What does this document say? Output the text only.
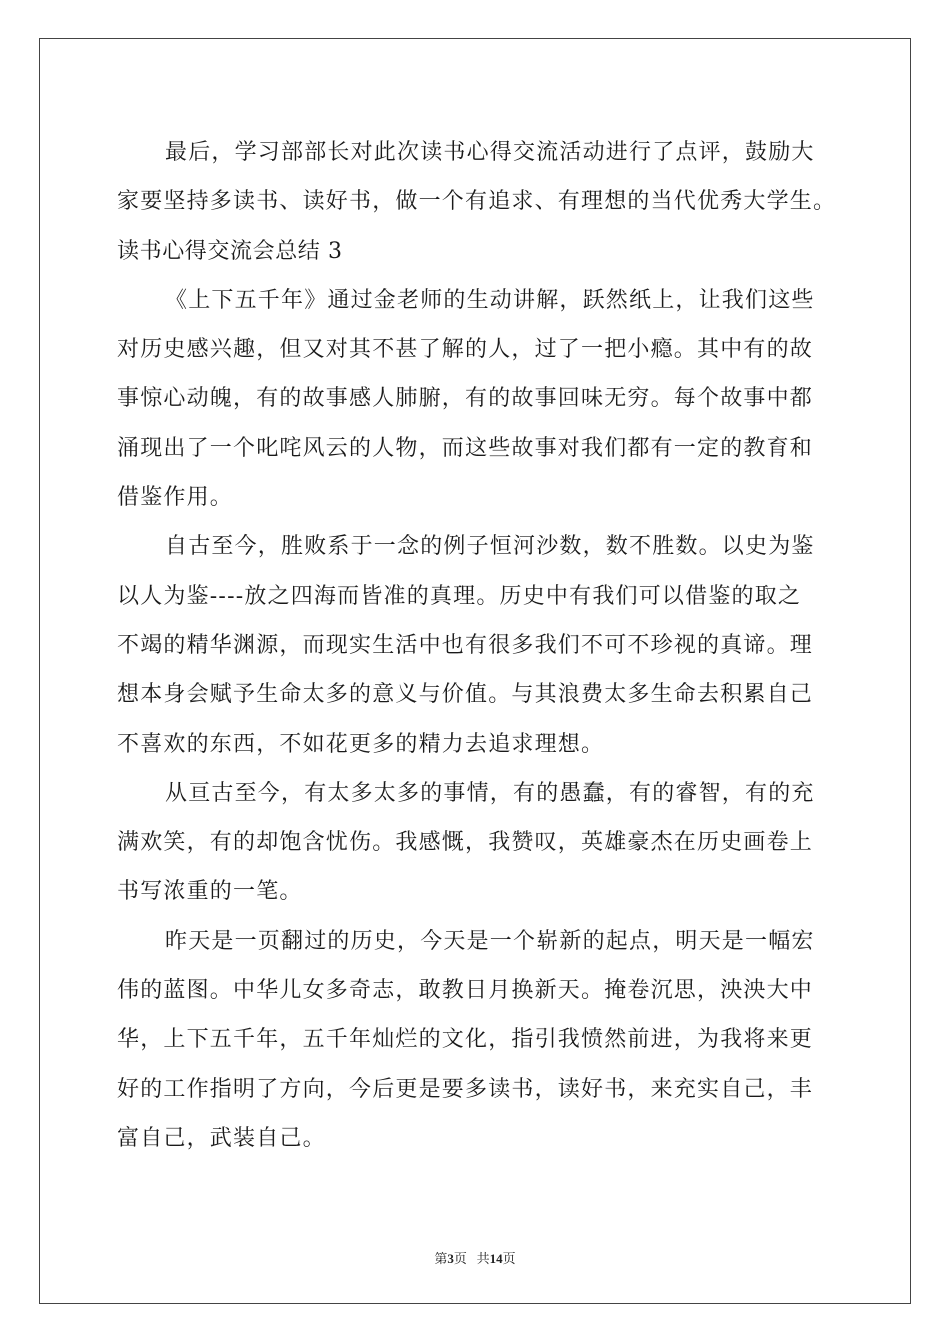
最后，学习部部长对此次读书心得交流活动进行了点评，鼓励大
家要坚持多读书、读好书，做一个有追求、有理想的当代优秀大学生。
读书心得交流会总结 3
《上下五千年》通过金老师的生动讲解，跃然纸上，让我们这些
对历史感兴趣，但又对其不甚了解的人，过了一把小瘾。其中有的故
事惊心动魄，有的故事感人肺腑，有的故事回味无穷。每个故事中都
涌现出了一个叱咤风云的人物，而这些故事对我们都有一定的教育和
借鉴作用。
自古至今，胜败系于一念的例子恒河沙数，数不胜数。以史为鉴
以人为鉴----放之四海而皆准的真理。历史中有我们可以借鉴的取之
不竭的精华渊源，而现实生活中也有很多我们不可不珍视的真谛。理
想本身会赋予生命太多的意义与价值。与其浪费太多生命去积累自己
不喜欢的东西，不如花更多的精力去追求理想。
从亘古至今，有太多太多的事情，有的愚蠢，有的睿智，有的充
满欢笑，有的却饱含忧伤。我感慨，我赞叹，英雄豪杰在历史画卷上
书写浓重的一笔。
昨天是一页翻过的历史，今天是一个崭新的起点，明天是一幅宏
伟的蓝图。中华儿女多奇志，敢教日月换新天。掩卷沉思，泱泱大中
华，上下五千年，五千年灿烂的文化，指引我愤然前进，为我将来更
好的工作指明了方向，今后更是要多读书，读好书，来充实自己，丰
富自己，武装自己。
第3页 共14页
